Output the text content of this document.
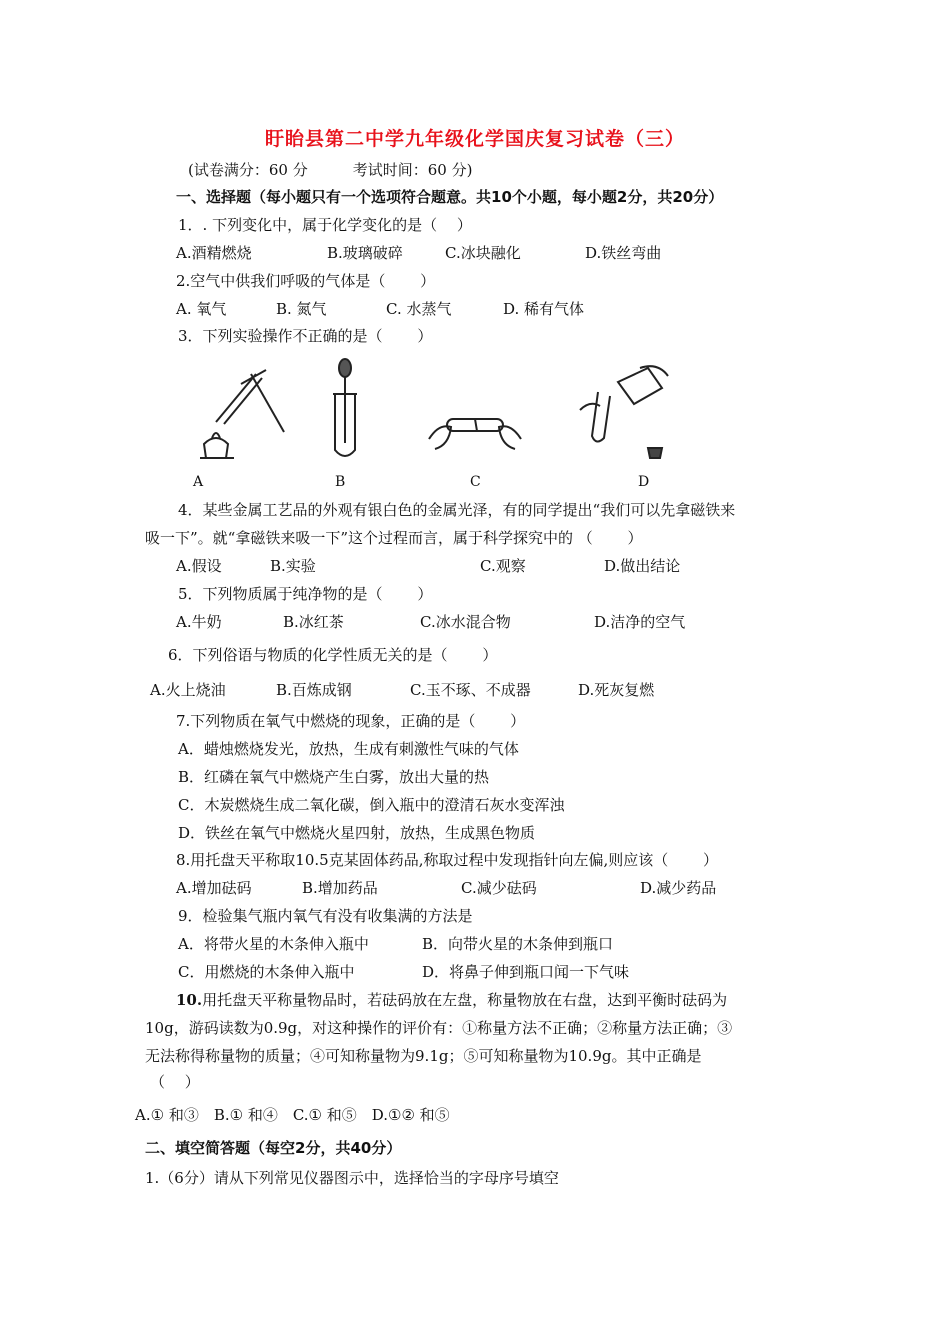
盱眙县第二中学九年级化学国庆复习试卷（三）
(试卷满分：60 分　　　考试时间：60 分)
一、选择题（每小题只有一个选项符合题意。共10个小题，每小题2分，共20分）
1．. 下列变化中，属于化学变化的是（　 ）
A.酒精燃烧	B.玻璃破碎	C.冰块融化	D.铁丝弯曲
2.空气中供我们呼吸的气体是（　　 ）
A. 氧气	B. 氮气	C. 水蒸气	D. 稀有气体
3．下列实验操作不正确的是（　　 ）
A	B	C	D
4．某些金属工艺品的外观有银白色的金属光泽，有的同学提出“我们可以先拿磁铁来
吸一下”。就“拿磁铁来吸一下”这个过程而言，属于科学探究中的 （　　 ）
A.假设	B.实验	C.观察	D.做出结论
5．下列物质属于纯净物的是（　　 ）
A.牛奶	B.冰红茶	C.冰水混合物	D.洁净的空气
6．下列俗语与物质的化学性质无关的是（　　 ）
A.火上烧油	B.百炼成钢	C.玉不琢、不成器	D.死灰复燃
7.下列物质在氧气中燃烧的现象，正确的是（　　 ）
A．蜡烛燃烧发光，放热，生成有刺激性气味的气体
B．红磷在氧气中燃烧产生白雾，放出大量的热
C．木炭燃烧生成二氧化碳，倒入瓶中的澄清石灰水变浑浊
D．铁丝在氧气中燃烧火星四射，放热，生成黑色物质
8.用托盘天平称取10.5克某固体药品,称取过程中发现指针向左偏,则应该（　　 ）
A.增加砝码	B.增加药品	C.减少砝码	D.减少药品
9．检验集气瓶内氧气有没有收集满的方法是
A．将带火星的木条伸入瓶中	B．向带火星的木条伸到瓶口
C．用燃烧的木条伸入瓶中	D．将鼻子伸到瓶口闻一下气味
10.用托盘天平称量物品时，若砝码放在左盘，称量物放在右盘，达到平衡时砝码为
10g，游码读数为0.9g，对这种操作的评价有：①称量方法不正确；②称量方法正确；③
无法称得称量物的质量；④可知称量物为9.1g；⑤可知称量物为10.9g。其中正确是
（　 ）
A.① 和③　B.① 和④　C.① 和⑤　D.①② 和⑤
二、填空简答题（每空2分，共40分）
1.（6分）请从下列常见仪器图示中，选择恰当的字母序号填空
